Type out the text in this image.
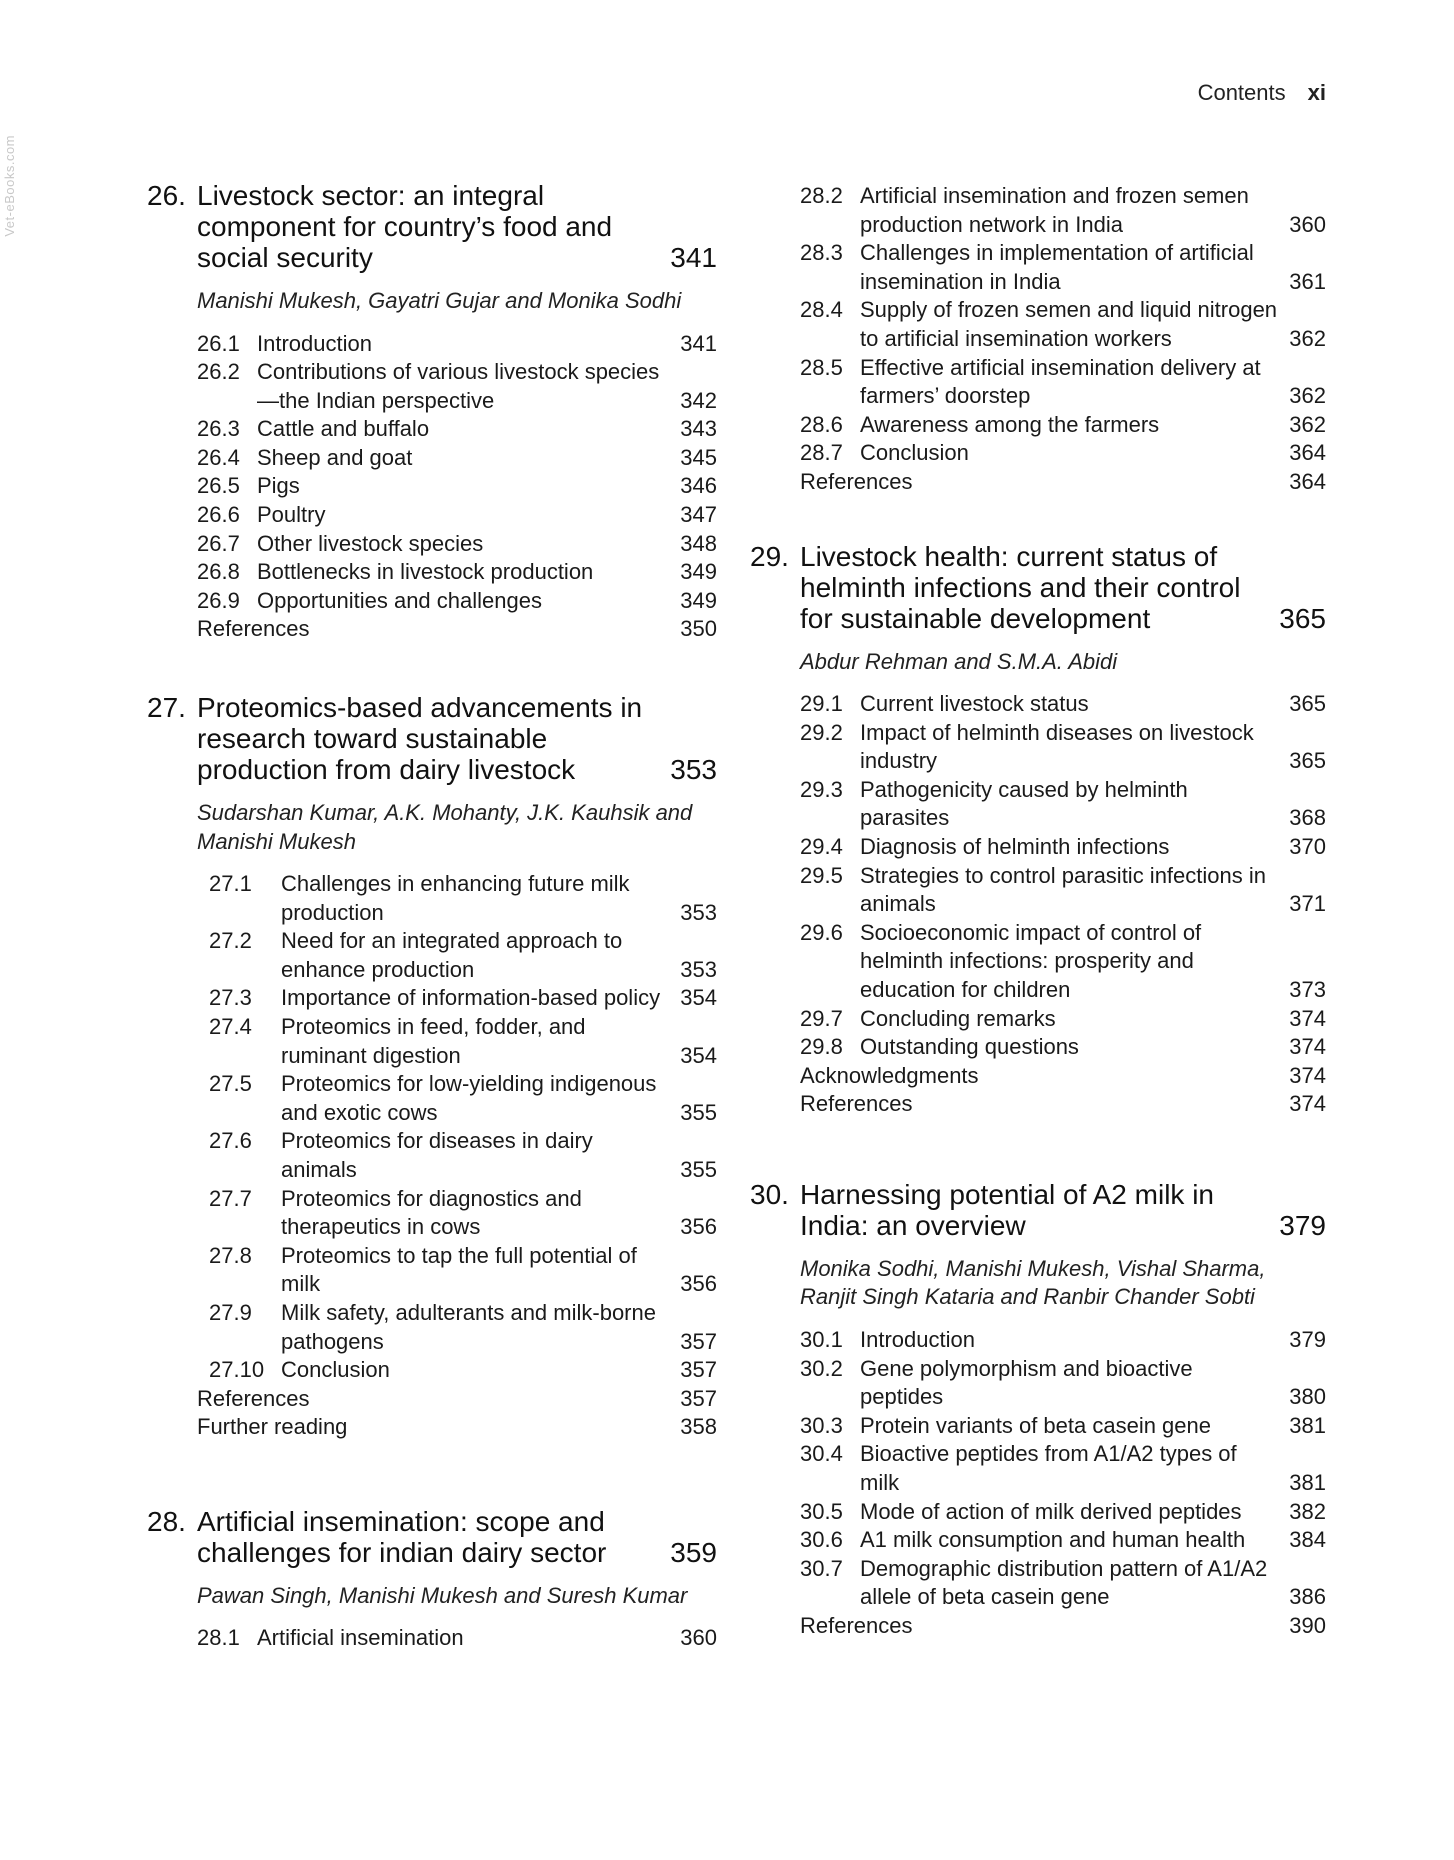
Vet-eBooks.com
Contents xi
26. Livestock sector: an integral component for country’s food and social security	341
Manishi Mukesh, Gayatri Gujar and Monika Sodhi
26.1 Introduction	341
26.2 Contributions of various livestock species—the Indian perspective	342
26.3 Cattle and buffalo	343
26.4 Sheep and goat	345
26.5 Pigs	346
26.6 Poultry	347
26.7 Other livestock species	348
26.8 Bottlenecks in livestock production	349
26.9 Opportunities and challenges	349
References	350
27. Proteomics-based advancements in research toward sustainable production from dairy livestock	353
Sudarshan Kumar, A.K. Mohanty, J.K. Kauhsik and Manishi Mukesh
27.1	Challenges in enhancing future milk production	353
27.2	Need for an integrated approach to enhance production	353
27.3	Importance of information-based policy 354
27.4	Proteomics in feed, fodder, and ruminant digestion	354
27.5	Proteomics for low-yielding indigenous and exotic cows	355
27.6	Proteomics for diseases in dairy animals	355
27.7	Proteomics for diagnostics and therapeutics in cows	356
27.8	Proteomics to tap the full potential of milk	356
27.9	Milk safety, adulterants and milk-borne pathogens	357
27.10 Conclusion	357
References	357
Further reading	358
28. Artificial insemination: scope and challenges for indian dairy sector	359
Pawan Singh, Manishi Mukesh and Suresh Kumar
28.1 Artificial insemination	360
28.2 Artificial insemination and frozen semen production network in India	360
28.3 Challenges in implementation of artificial insemination in India	361
28.4 Supply of frozen semen and liquid nitrogen to artificial insemination workers	362
28.5 Effective artificial insemination delivery at farmers’ doorstep	362
28.6 Awareness among the farmers	362
28.7 Conclusion	364
References	364
29. Livestock health: current status of helminth infections and their control for sustainable development	365
Abdur Rehman and S.M.A. Abidi
29.1 Current livestock status	365
29.2 Impact of helminth diseases on livestock industry	365
29.3 Pathogenicity caused by helminth parasites	368
29.4 Diagnosis of helminth infections	370
29.5 Strategies to control parasitic infections in animals	371
29.6 Socioeconomic impact of control of helminth infections: prosperity and education for children	373
29.7 Concluding remarks	374
29.8 Outstanding questions	374
Acknowledgments	374
References	374
30. Harnessing potential of A2 milk in India: an overview	379
Monika Sodhi, Manishi Mukesh, Vishal Sharma, Ranjit Singh Kataria and Ranbir Chander Sobti
30.1 Introduction	379
30.2 Gene polymorphism and bioactive peptides	380
30.3 Protein variants of beta casein gene	381
30.4 Bioactive peptides from A1/A2 types of milk	381
30.5 Mode of action of milk derived peptides	382
30.6 A1 milk consumption and human health	384
30.7 Demographic distribution pattern of A1/A2 allele of beta casein gene	386
References	390
